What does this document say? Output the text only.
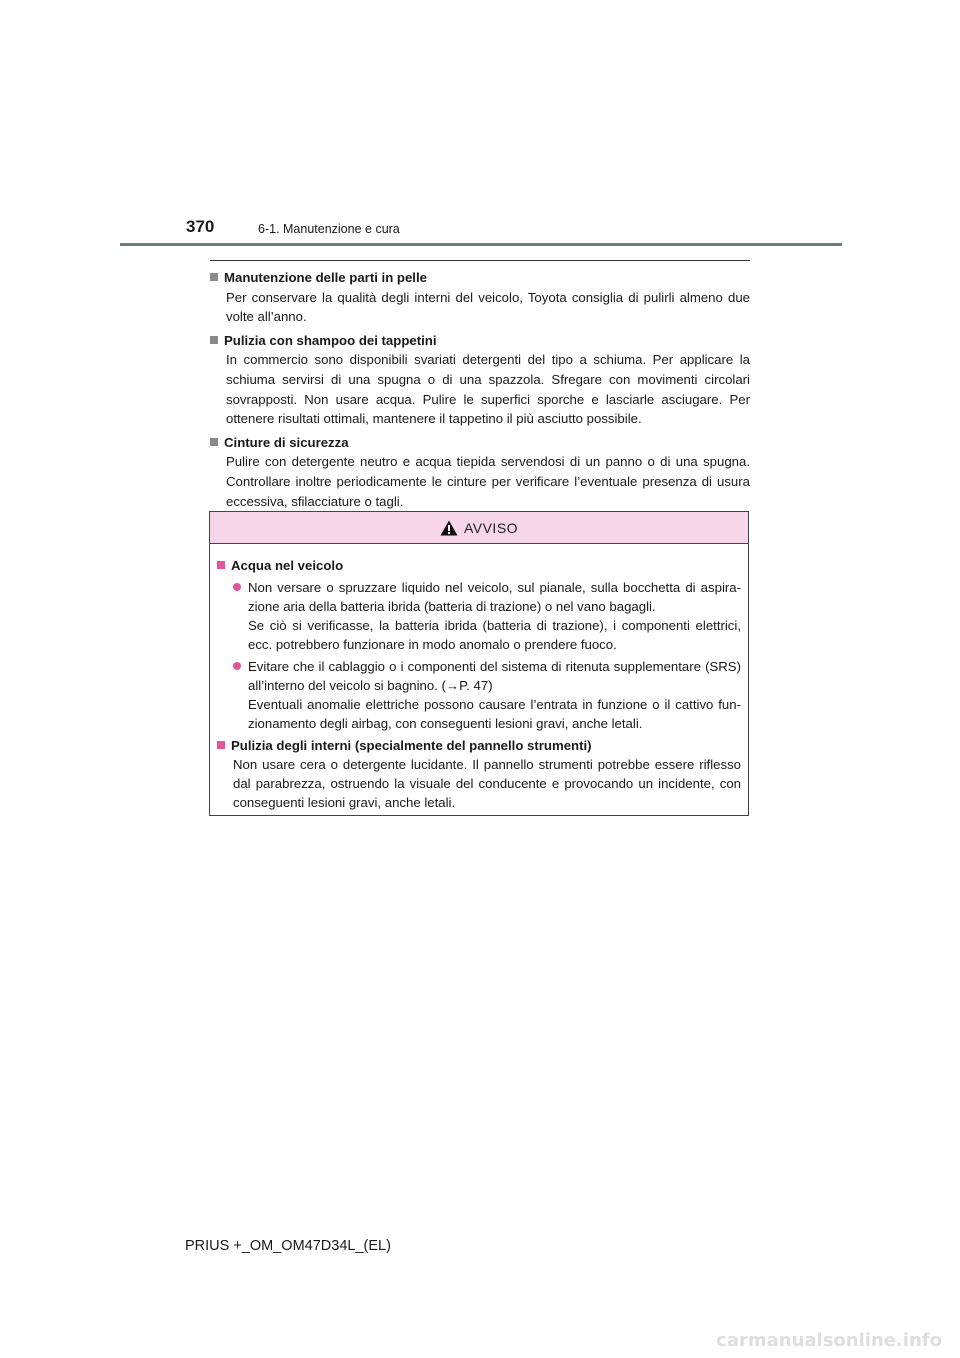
370	6-1. Manutenzione e cura
Manutenzione delle parti in pelle
Per conservare la qualità degli interni del veicolo, Toyota consiglia di pulirli almeno due volte all’anno.
Pulizia con shampoo dei tappetini
In commercio sono disponibili svariati detergenti del tipo a schiuma. Per applicare la schiuma servirsi di una spugna o di una spazzola. Sfregare con movimenti circolari sovrapposti. Non usare acqua. Pulire le superfici sporche e lasciarle asciugare. Per ottenere risultati ottimali, mantenere il tappetino il più asciutto possibile.
Cinture di sicurezza
Pulire con detergente neutro e acqua tiepida servendosi di un panno o di una spugna. Controllare inoltre periodicamente le cinture per verificare l’eventuale presenza di usura eccessiva, sfilacciature o tagli.
AVVISO
Acqua nel veicolo
Non versare o spruzzare liquido nel veicolo, sul pianale, sulla bocchetta di aspira-zione aria della batteria ibrida (batteria di trazione) o nel vano bagagli.
Se ciò si verificasse, la batteria ibrida (batteria di trazione), i componenti elettrici, ecc. potrebbero funzionare in modo anomalo o prendere fuoco.
Evitare che il cablaggio o i componenti del sistema di ritenuta supplementare (SRS) all’interno del veicolo si bagnino. (→P. 47)
Eventuali anomalie elettriche possono causare l’entrata in funzione o il cattivo fun-zionamento degli airbag, con conseguenti lesioni gravi, anche letali.
Pulizia degli interni (specialmente del pannello strumenti)
Non usare cera o detergente lucidante. Il pannello strumenti potrebbe essere riflesso dal parabrezza, ostruendo la visuale del conducente e provocando un incidente, con conseguenti lesioni gravi, anche letali.
PRIUS +_OM_OM47D34L_(EL)
carmanualsonline.info
